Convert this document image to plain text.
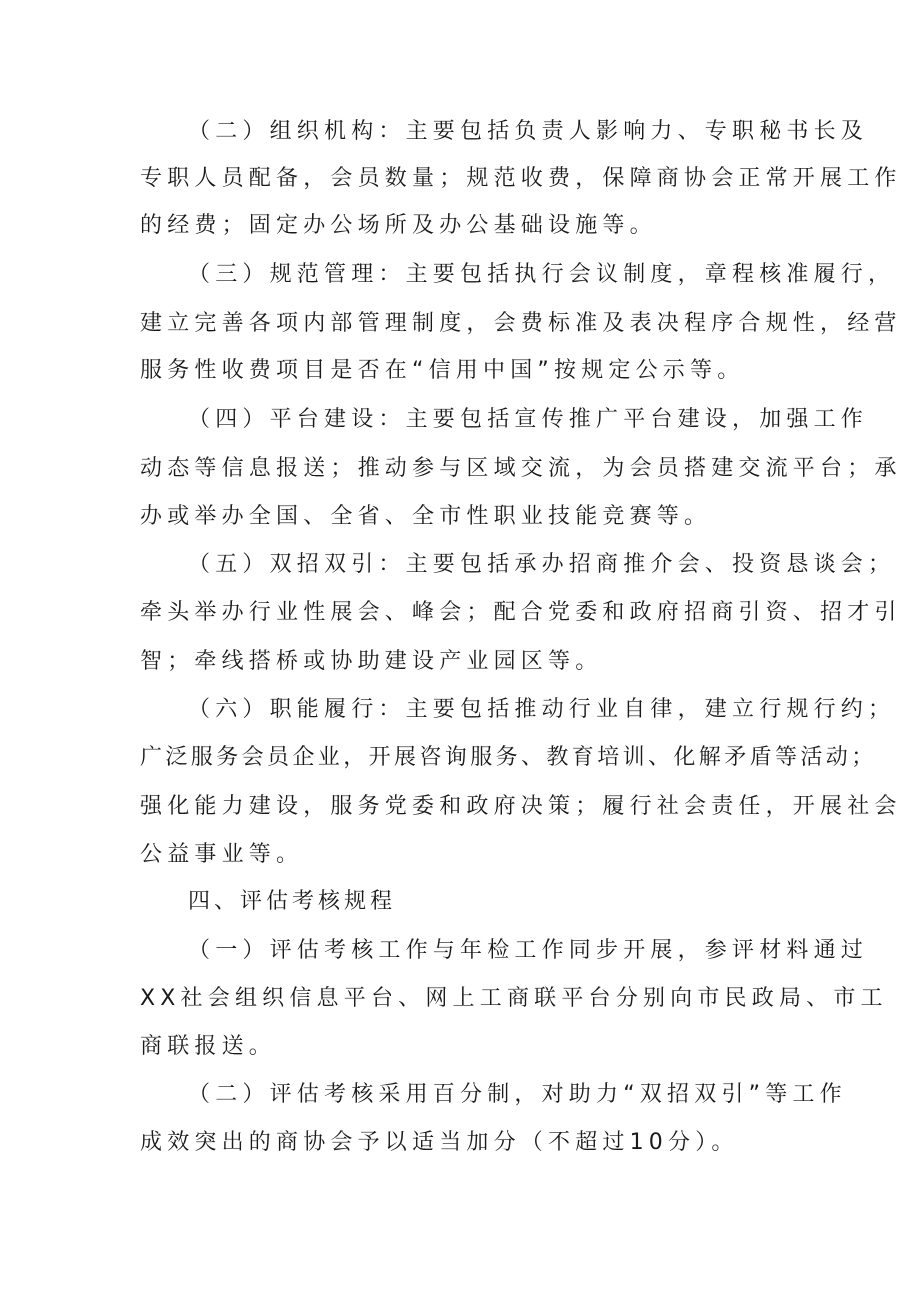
（二）组织机构：主要包括负责人影响力、专职秘书长及
专职人员配备，会员数量；规范收费，保障商协会正常开展工作
的经费；固定办公场所及办公基础设施等。
（三）规范管理：主要包括执行会议制度，章程核准履行，
建立完善各项内部管理制度，会费标准及表决程序合规性，经营
服务性收费项目是否在“信用中国”按规定公示等。
（四）平台建设：主要包括宣传推广平台建设，加强工作
动态等信息报送；推动参与区域交流，为会员搭建交流平台；承
办或举办全国、全省、全市性职业技能竞赛等。
（五）双招双引：主要包括承办招商推介会、投资恳谈会；
牵头举办行业性展会、峰会；配合党委和政府招商引资、招才引
智；牵线搭桥或协助建设产业园区等。
（六）职能履行：主要包括推动行业自律，建立行规行约；
广泛服务会员企业，开展咨询服务、教育培训、化解矛盾等活动；
强化能力建设，服务党委和政府决策；履行社会责任，开展社会
公益事业等。
四、评估考核规程
（一）评估考核工作与年检工作同步开展，参评材料通过
XX社会组织信息平台、网上工商联平台分别向市民政局、市工
商联报送。
（二）评估考核采用百分制，对助力“双招双引”等工作
成效突出的商协会予以适当加分（不超过10分）。
